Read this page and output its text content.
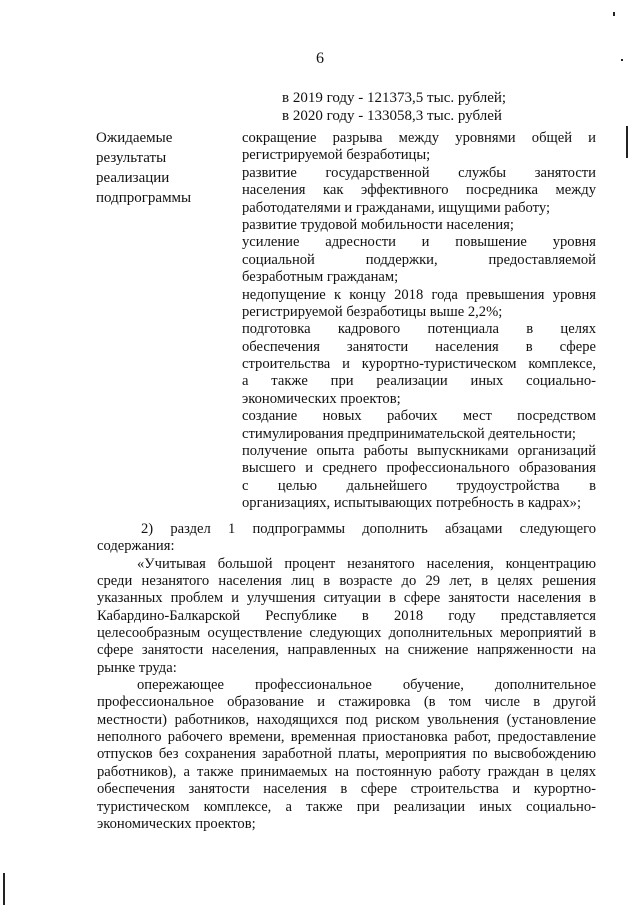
6
в 2019 году - 121373,5 тыс. рублей;
в 2020 году - 133058,3 тыс. рублей
Ожидаемые
результаты
реализации
подпрограммы
сокращение разрыва между уровнями общей и
регистрируемой безработицы;
развитие государственной службы занятости
населения как эффективного посредника между
работодателями и гражданами, ищущими работу;
развитие трудовой мобильности населения;
усиление адресности и повышение уровня
социальной поддержки, предоставляемой
безработным гражданам;
недопущение к концу 2018 года превышения уровня
регистрируемой безработицы выше 2,2%;
подготовка кадрового потенциала в целях
обеспечения занятости населения в сфере
строительства и курортно-туристическом комплексе,
а также при реализации иных социально-
экономических проектов;
создание новых рабочих мест посредством
стимулирования предпринимательской деятельности;
получение опыта работы выпускниками организаций
высшего и среднего профессионального образования
с целью дальнейшего трудоустройства в
организациях, испытывающих потребность в кадрах»;
2) раздел 1 подпрограммы дополнить абзацами следующего
содержания:
«Учитывая большой процент незанятого населения, концентрацию
среди незанятого населения лиц в возрасте до 29 лет, в целях решения
указанных проблем и улучшения ситуации в сфере занятости населения в
Кабардино-Балкарской Республике в 2018 году представляется
целесообразным осуществление следующих дополнительных мероприятий в
сфере занятости населения, направленных на снижение напряженности на
рынке труда:
опережающее профессиональное обучение, дополнительное
профессиональное образование и стажировка (в том числе в другой
местности) работников, находящихся под риском увольнения (установление
неполного рабочего времени, временная приостановка работ, предоставление
отпусков без сохранения заработной платы, мероприятия по высвобождению
работников), а также принимаемых на постоянную работу граждан в целях
обеспечения занятости населения в сфере строительства и курортно-
туристическом комплексе, а также при реализации иных социально-
экономических проектов;
